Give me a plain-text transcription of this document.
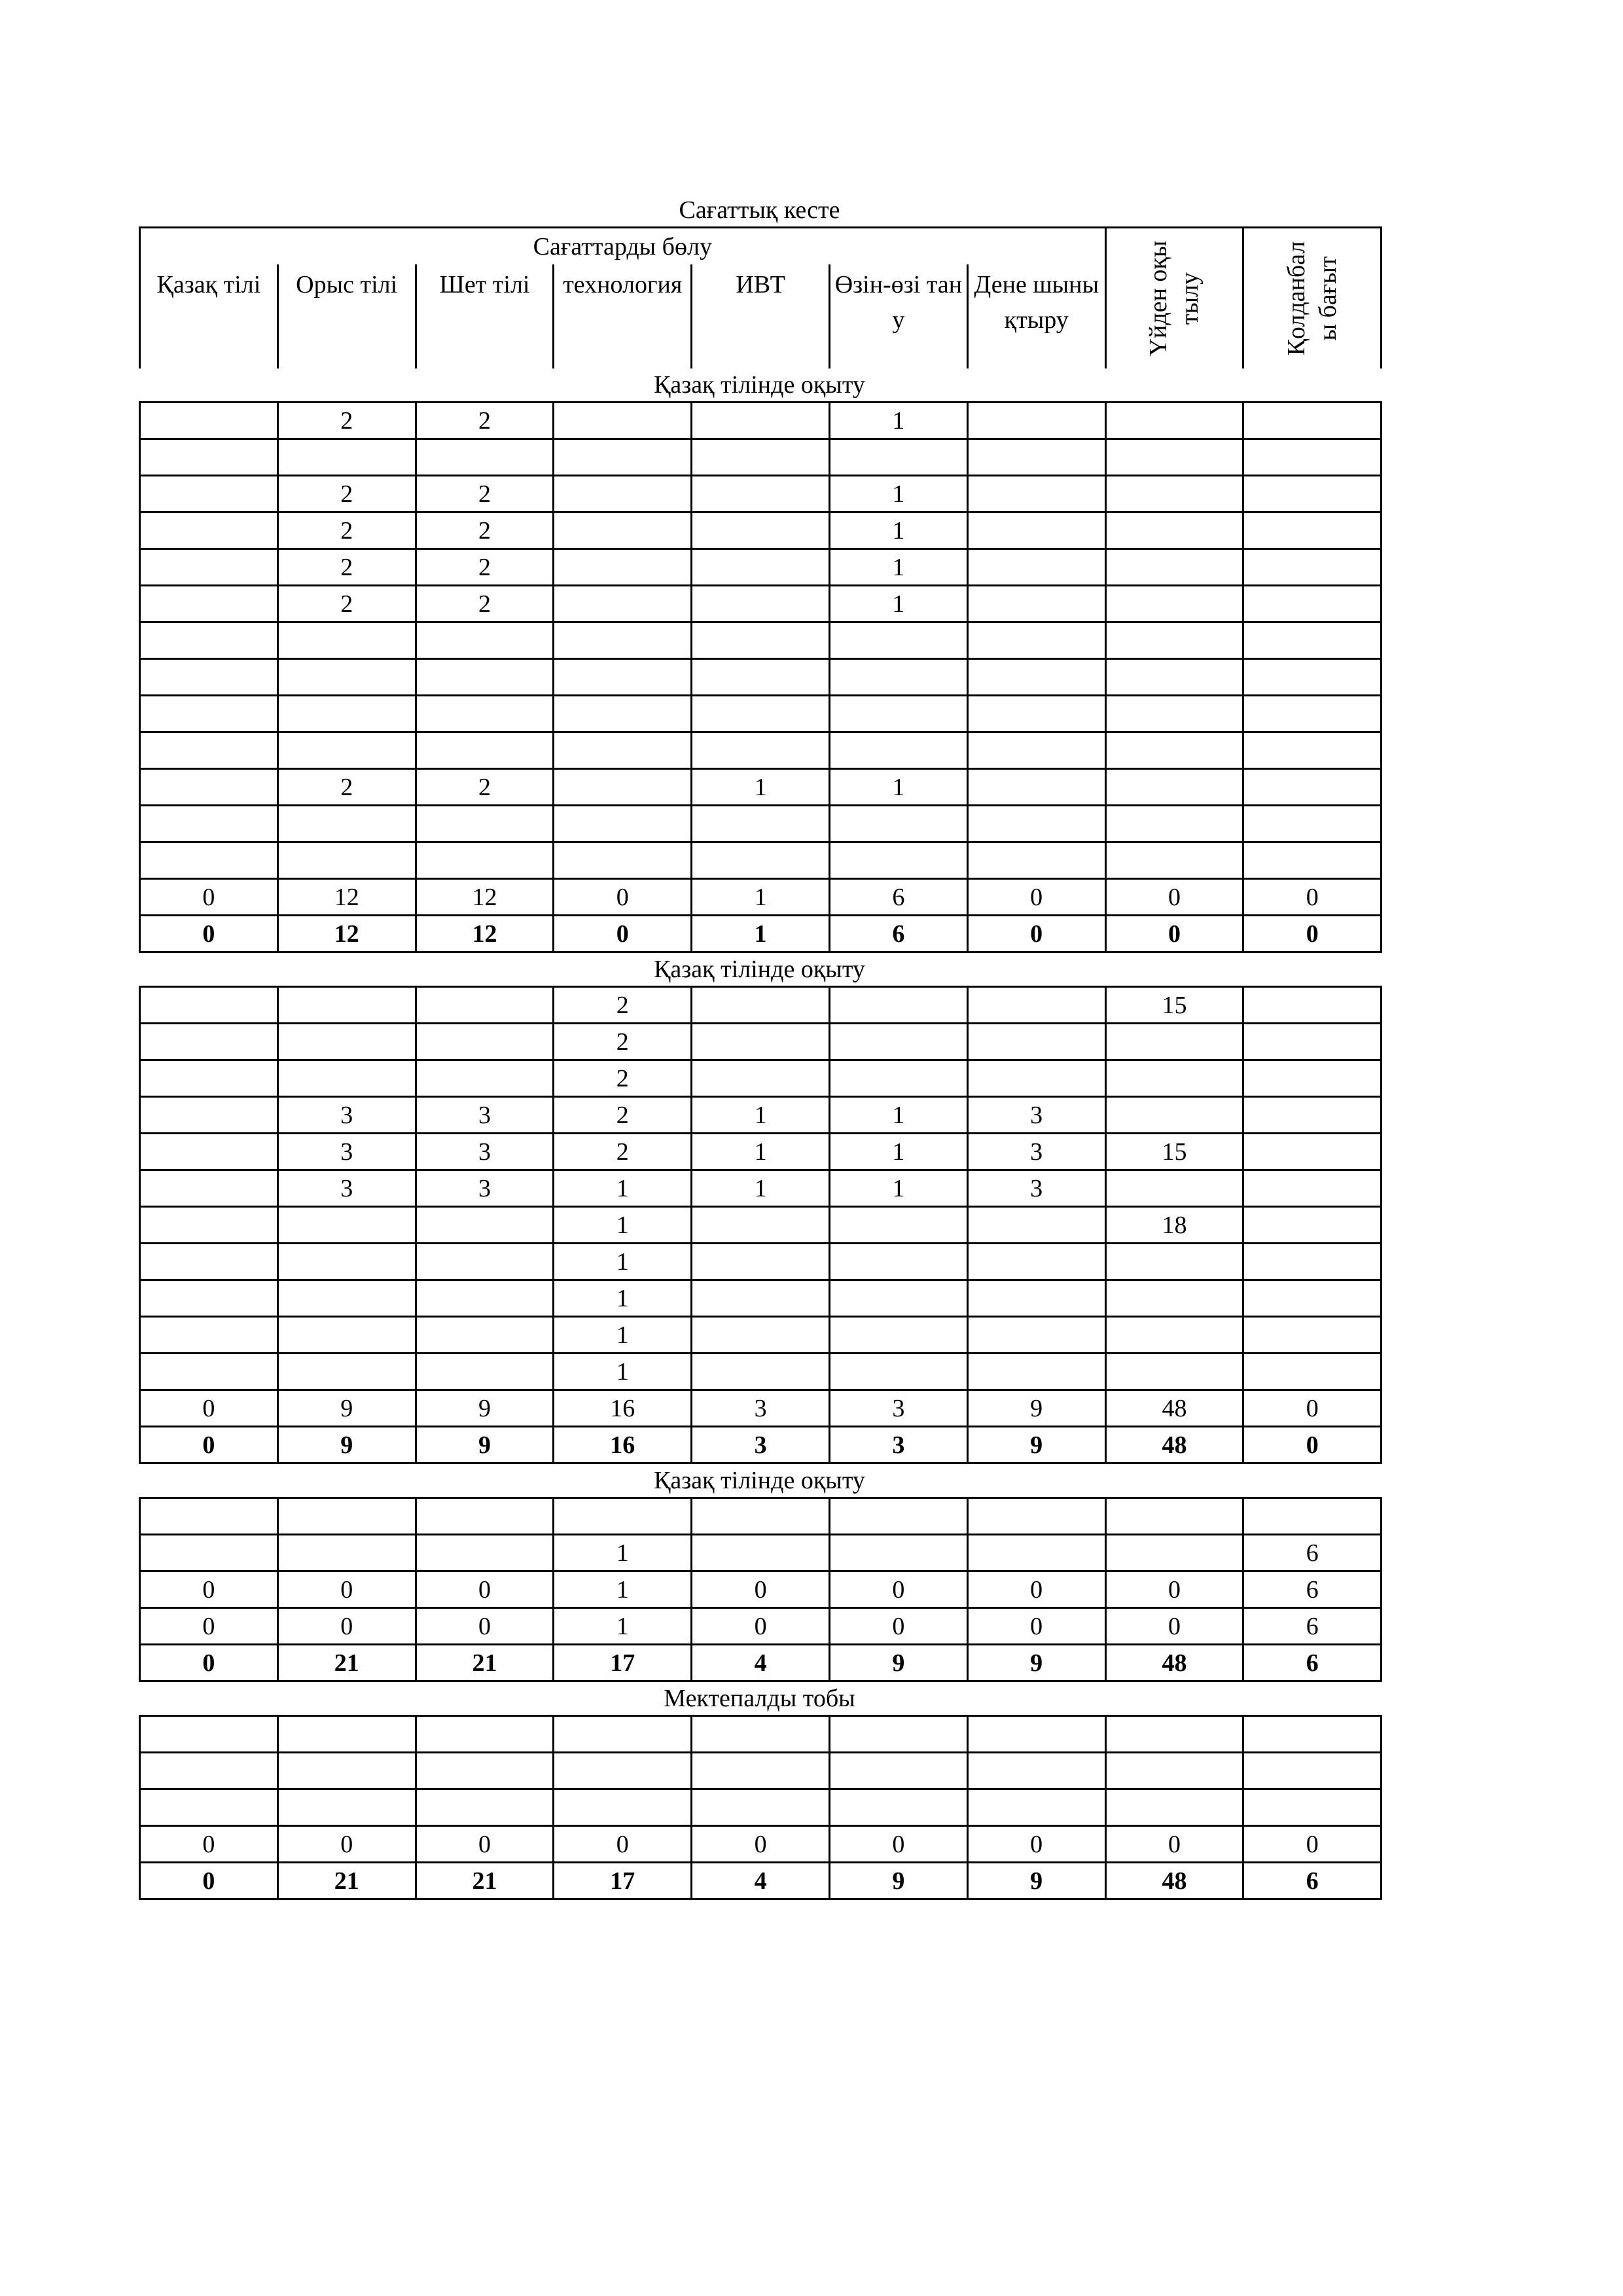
Сағаттық кесте
Сағаттарды бөлу							Үйден оқытылу	Қолданбалы бағыт

Қазақ тілі	Орыс тілі	Шет тілі	технология	ИВТ	Өзін-өзі тану	Дене шынықтыру		
Қазақ тілінде оқыту
	2	2			1			

	2	2			1			
	2	2			1			
	2	2			1			
	2	2			1			

	2	2		1	1			

0	12	12	0	1	6	0	0	0
0	12	12	0	1	6	0	0	0
Қазақ тілінде оқыту
			2				15	
			2					
			2					
	3	3	2	1	1	3		
	3	3	2	1	1	3	15	
	3	3	1	1	1	3		
			1				18	
			1					
			1					
			1					
			1					
0	9	9	16	3	3	9	48	0
0	9	9	16	3	3	9	48	0
Қазақ тілінде оқыту

			1					6
0	0	0	1	0	0	0	0	6
0	0	0	1	0	0	0	0	6
0	21	21	17	4	9	9	48	6
Мектепалды тобы

0	0	0	0	0	0	0	0	0
0	21	21	17	4	9	9	48	6
